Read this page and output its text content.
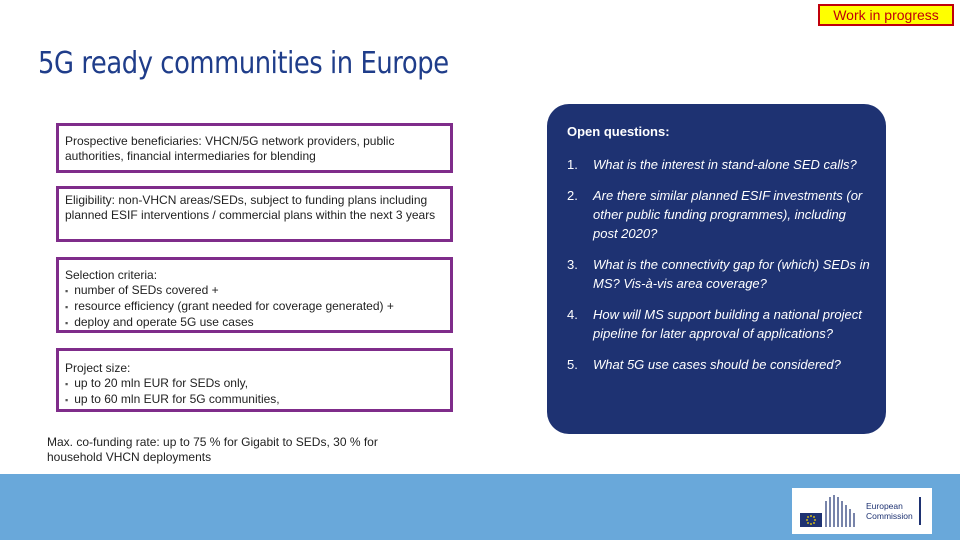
Work in progress
5G ready communities in Europe

Prospective beneficiaries: VHCN/5G network providers, public authorities, financial intermediaries for blending

Eligibility: non-VHCN areas/SEDs, subject to funding plans including planned ESIF interventions / commercial plans within the next 3 years

Selection criteria:

▪ number of SEDs covered +
▪ resource efficiency (grant needed for coverage generated) +
▪ deploy and operate 5G use cases

Project size:

▪ up to 20 mln EUR for SEDs only,
▪ up to 60 mln EUR for 5G communities,
Max. co-funding rate: up to 75 % for Gigabit to SEDs, 30 % for household VHCN deployments

Open questions:

1.	What is the interest in stand-alone SED calls?
2.	Are there similar planned ESIF investments (or other public funding programmes), including post 2020?
3.	What is the connectivity gap for (which) SEDs in MS? Vis-à-vis area coverage?
4.	How will MS support building a national project pipeline for later approval of applications?
5.	What 5G use cases should be considered?
European
Commission
